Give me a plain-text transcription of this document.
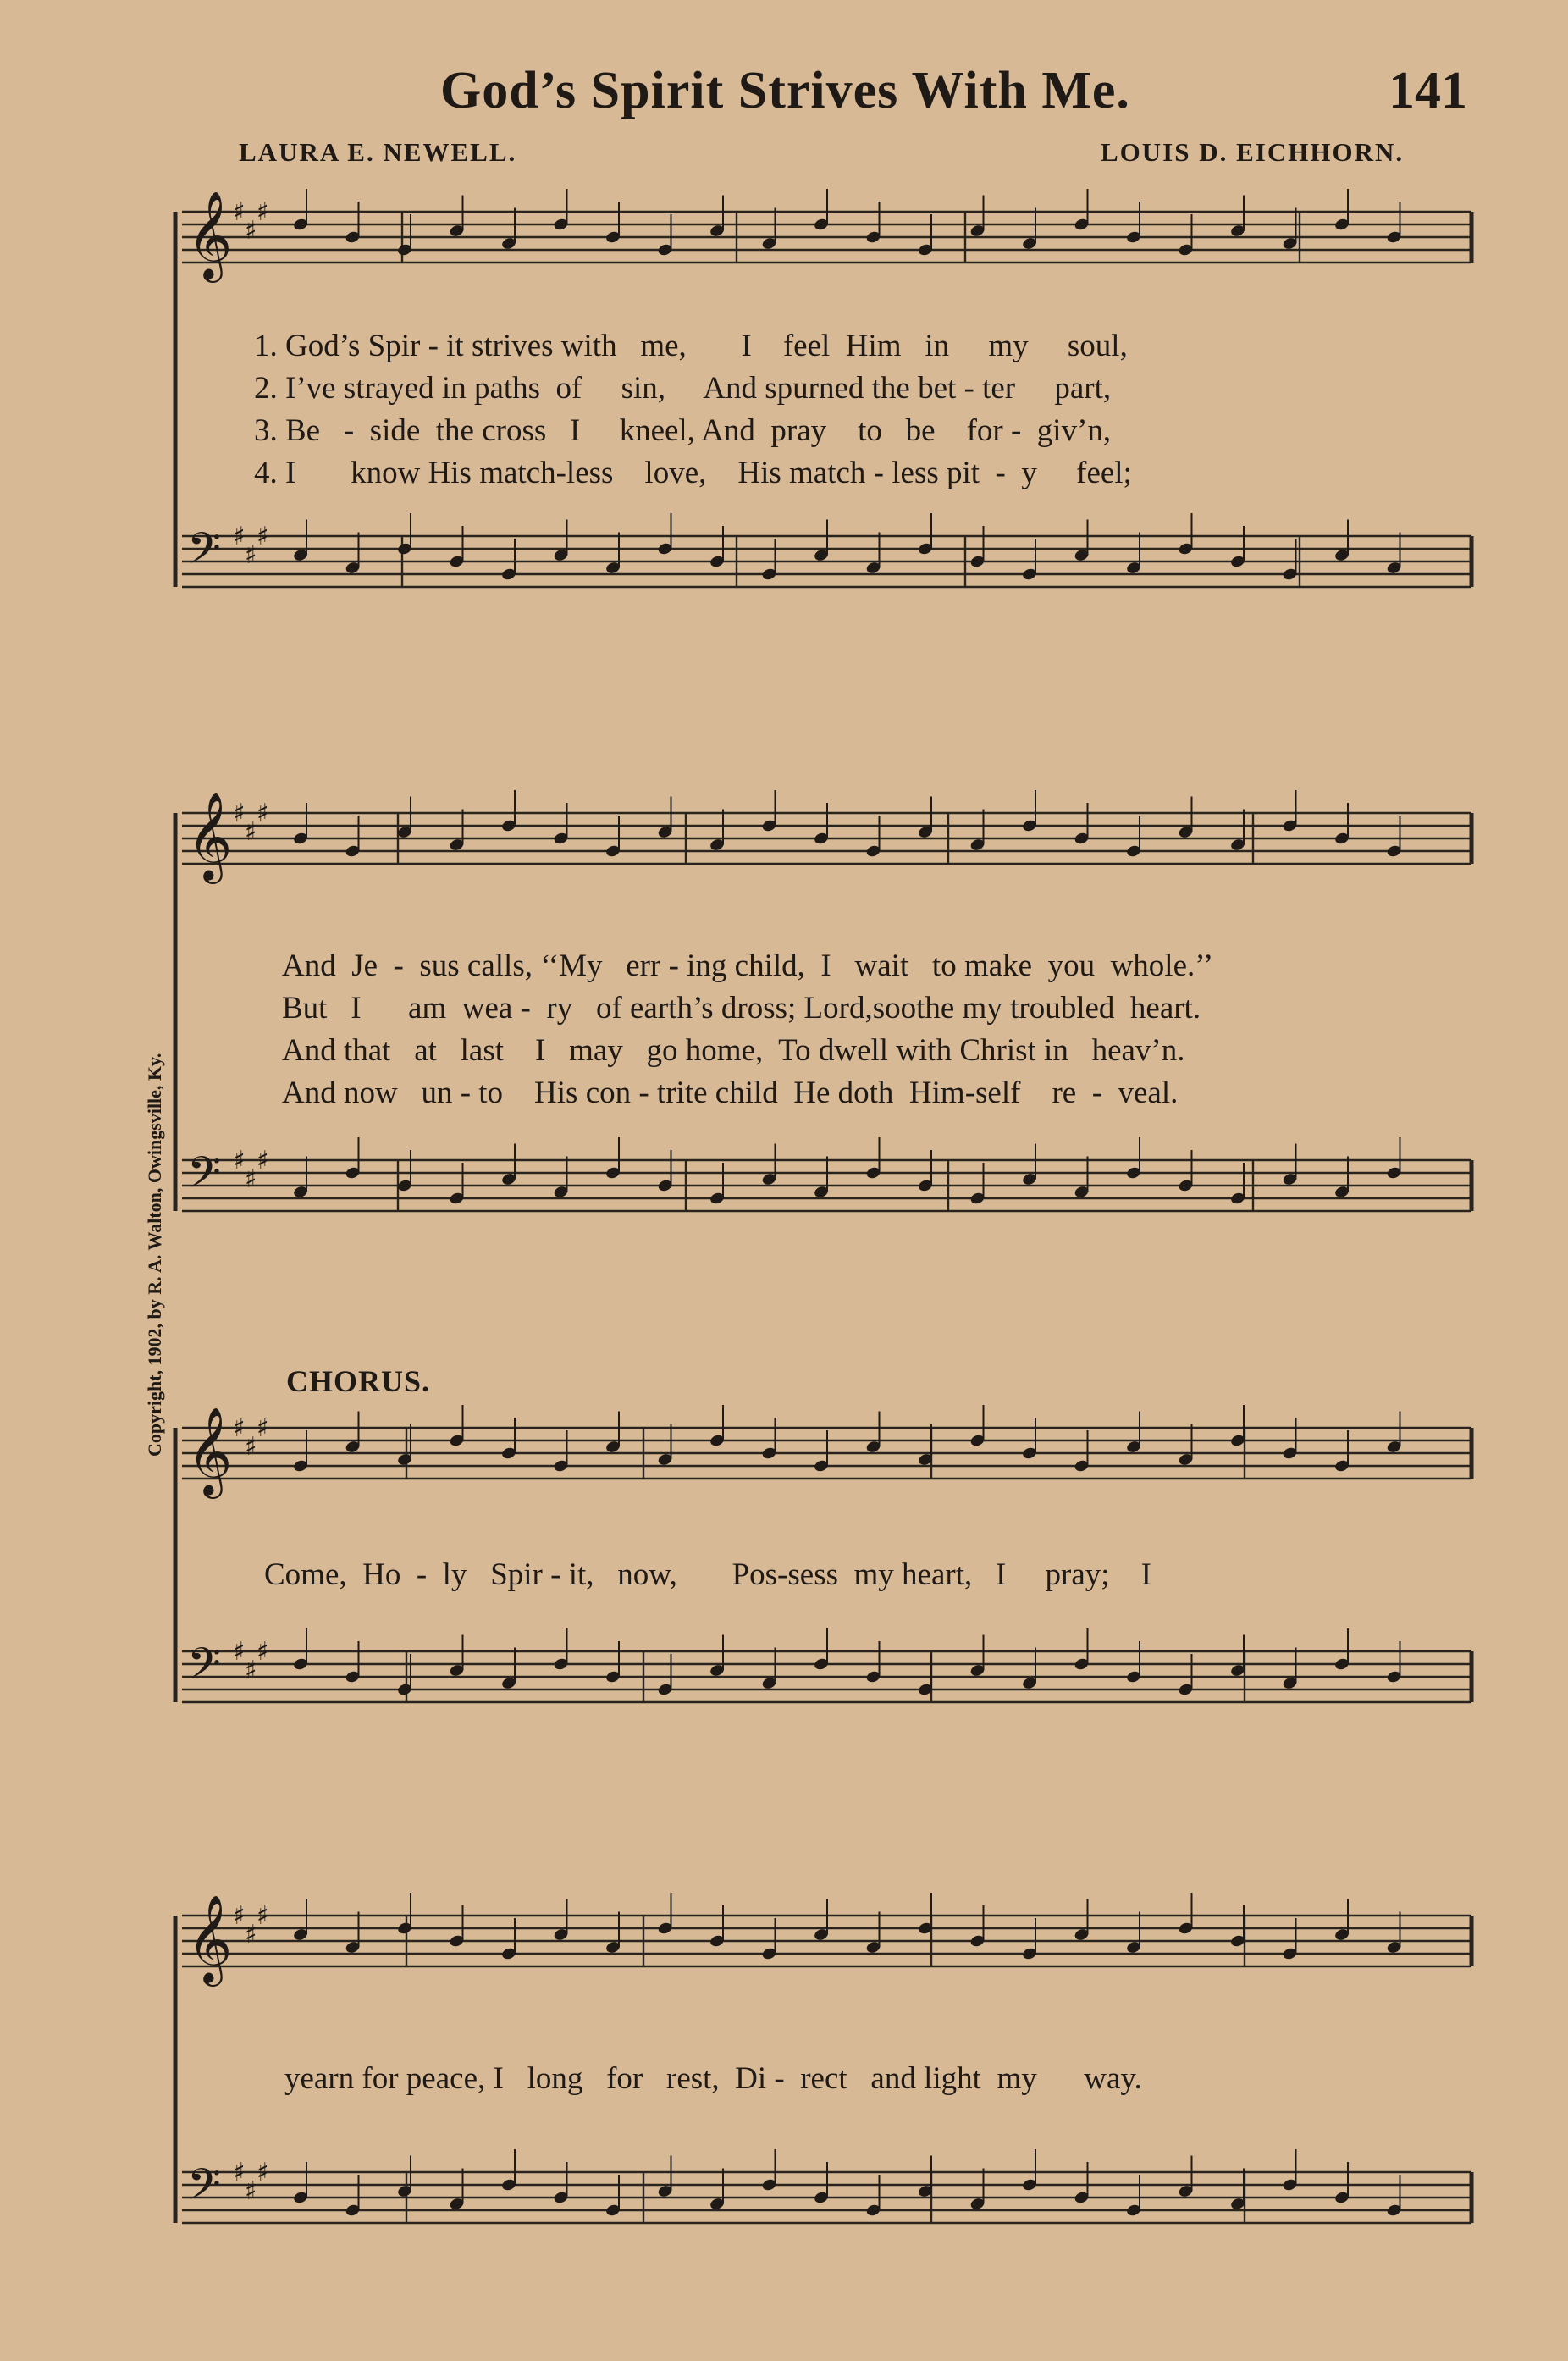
God’s Spirit Strives With Me.	141
LAURA E. NEWELL.	LOUIS D. EICHHORN.
Copyright, 1902, by R. A. Walton, Owingsville, Ky.
𝄞 ♯
♯
♯
𝄢 ♯
♯
♯
𝄞 ♯
♯
♯
𝄢 ♯
♯
♯
𝄞 ♯
♯
♯
𝄢 ♯
♯
♯
𝄞 ♯
♯
♯
𝄢 ♯
♯
♯
1. God’s Spir - it strives with   me,       I    feel  Him   in     my     soul,
2. I’ve strayed in paths  of     sin,     And spurned the bet - ter     part,
3. Be   -  side  the cross   I     kneel, And  pray    to   be    for -  giv’n,
4. I       know His match-less    love,    His match - less pit  -  y     feel;
And  Je  -  sus calls, ‘‘My   err - ing child,  I   wait   to make  you  whole.’’
But   I      am  wea -  ry   of earth’s dross; Lord,soothe my troubled  heart.
And that   at   last    I   may   go home,  To dwell with Christ in   heav’n.
And now   un - to    His con - trite child  He doth  Him-self    re  -  veal.
CHORUS.
Come,  Ho  -  ly   Spir - it,   now,       Pos-sess  my heart,   I     pray;    I
yearn for peace, I   long   for   rest,  Di -  rect   and light  my      way.
